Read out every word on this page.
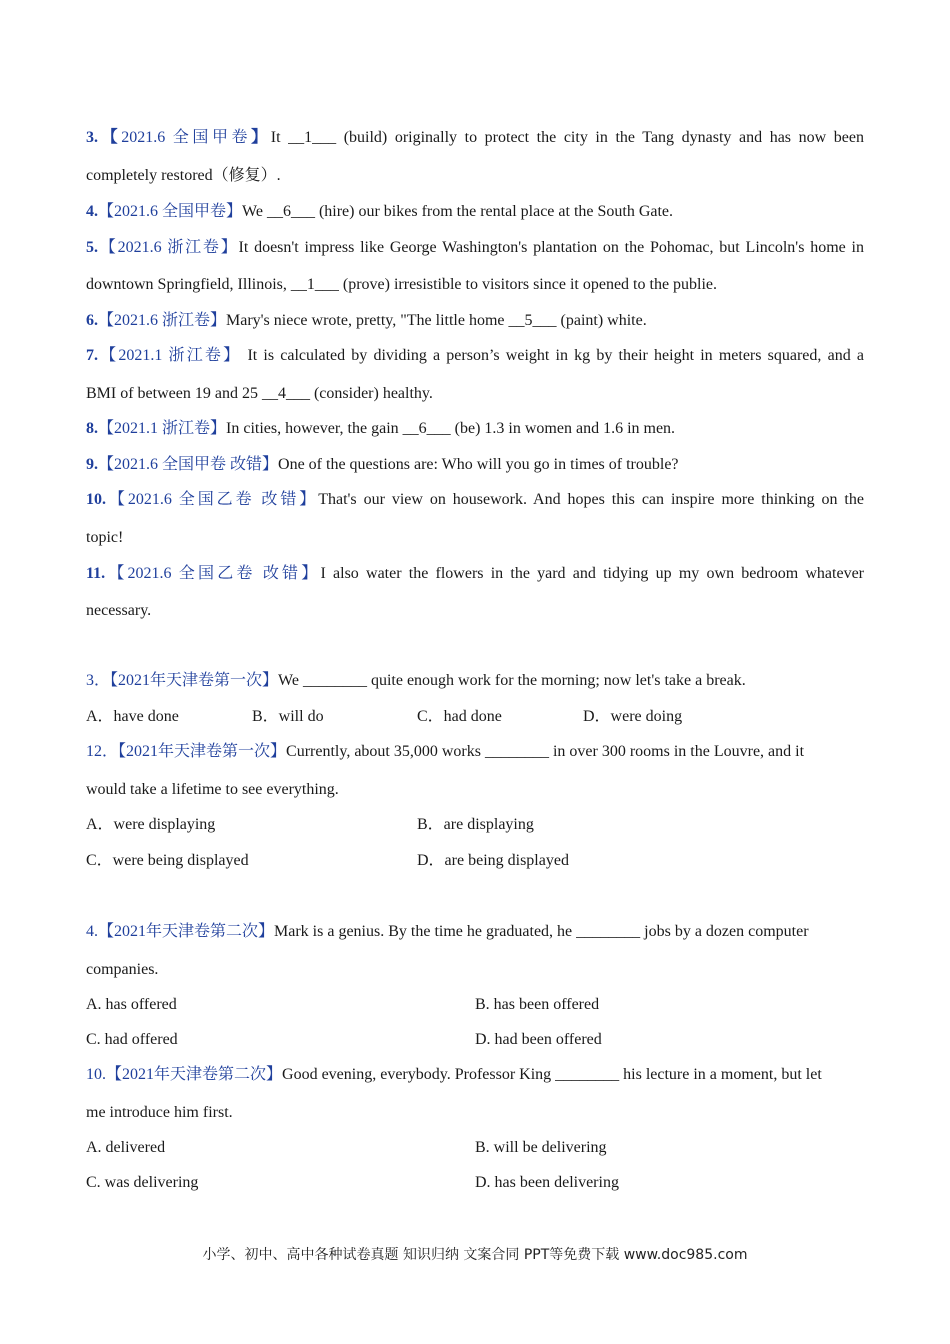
3.【2021.6 全国甲卷】It __1___ (build) originally to protect the city in the Tang dynasty and has now been
completely restored（修复）.
4.【2021.6 全国甲卷】We __6___ (hire) our bikes from the rental place at the South Gate.
5.【2021.6 浙江卷】It doesn't impress like George Washington's plantation on the Pohomac, but Lincoln's home in
downtown Springfield, Illinois, __1___ (prove) irresistible to visitors since it opened to the publie.
6.【2021.6 浙江卷】Mary's niece wrote, pretty, "The little home __5___ (paint) white.
7.【2021.1 浙江卷】 It is calculated by dividing a person’s weight in kg by their height in meters squared, and a
BMI of between 19 and 25 __4___ (consider) healthy.
8.【2021.1 浙江卷】In cities, however, the gain __6___ (be) 1.3 in women and 1.6 in men.
9.【2021.6 全国甲卷 改错】One of the questions are: Who will you go in times of trouble?
10.【2021.6 全国乙卷 改错】That's our view on housework. And hopes this can inspire more thinking on the
topic!
11.【2021.6 全国乙卷 改错】I also water the flowers in the yard and tidying up my own bedroom whatever
necessary.
3．【2021年天津卷第一次】We ________ quite enough work for the morning; now let's take a break.
A．have done	B．will do	C．had done	D．were doing
12．【2021年天津卷第一次】Currently, about 35,000 works ________ in over 300 rooms in the Louvre, and it
would take a lifetime to see everything.
A．were displaying	B．are displaying
C．were being displayed	D．are being displayed
4.【2021年天津卷第二次】Mark is a genius. By the time he graduated, he ________ jobs by a dozen computer
companies.
A. has offered	B. has been offered
C. had offered	D. had been offered
10.【2021年天津卷第二次】Good evening, everybody. Professor King ________ his lecture in a moment, but let
me introduce him first.
A. delivered	B. will be delivering
C. was delivering	D. has been delivering
小学、初中、高中各种试卷真题 知识归纳 文案合同 PPT等免费下载 www.doc985.com
